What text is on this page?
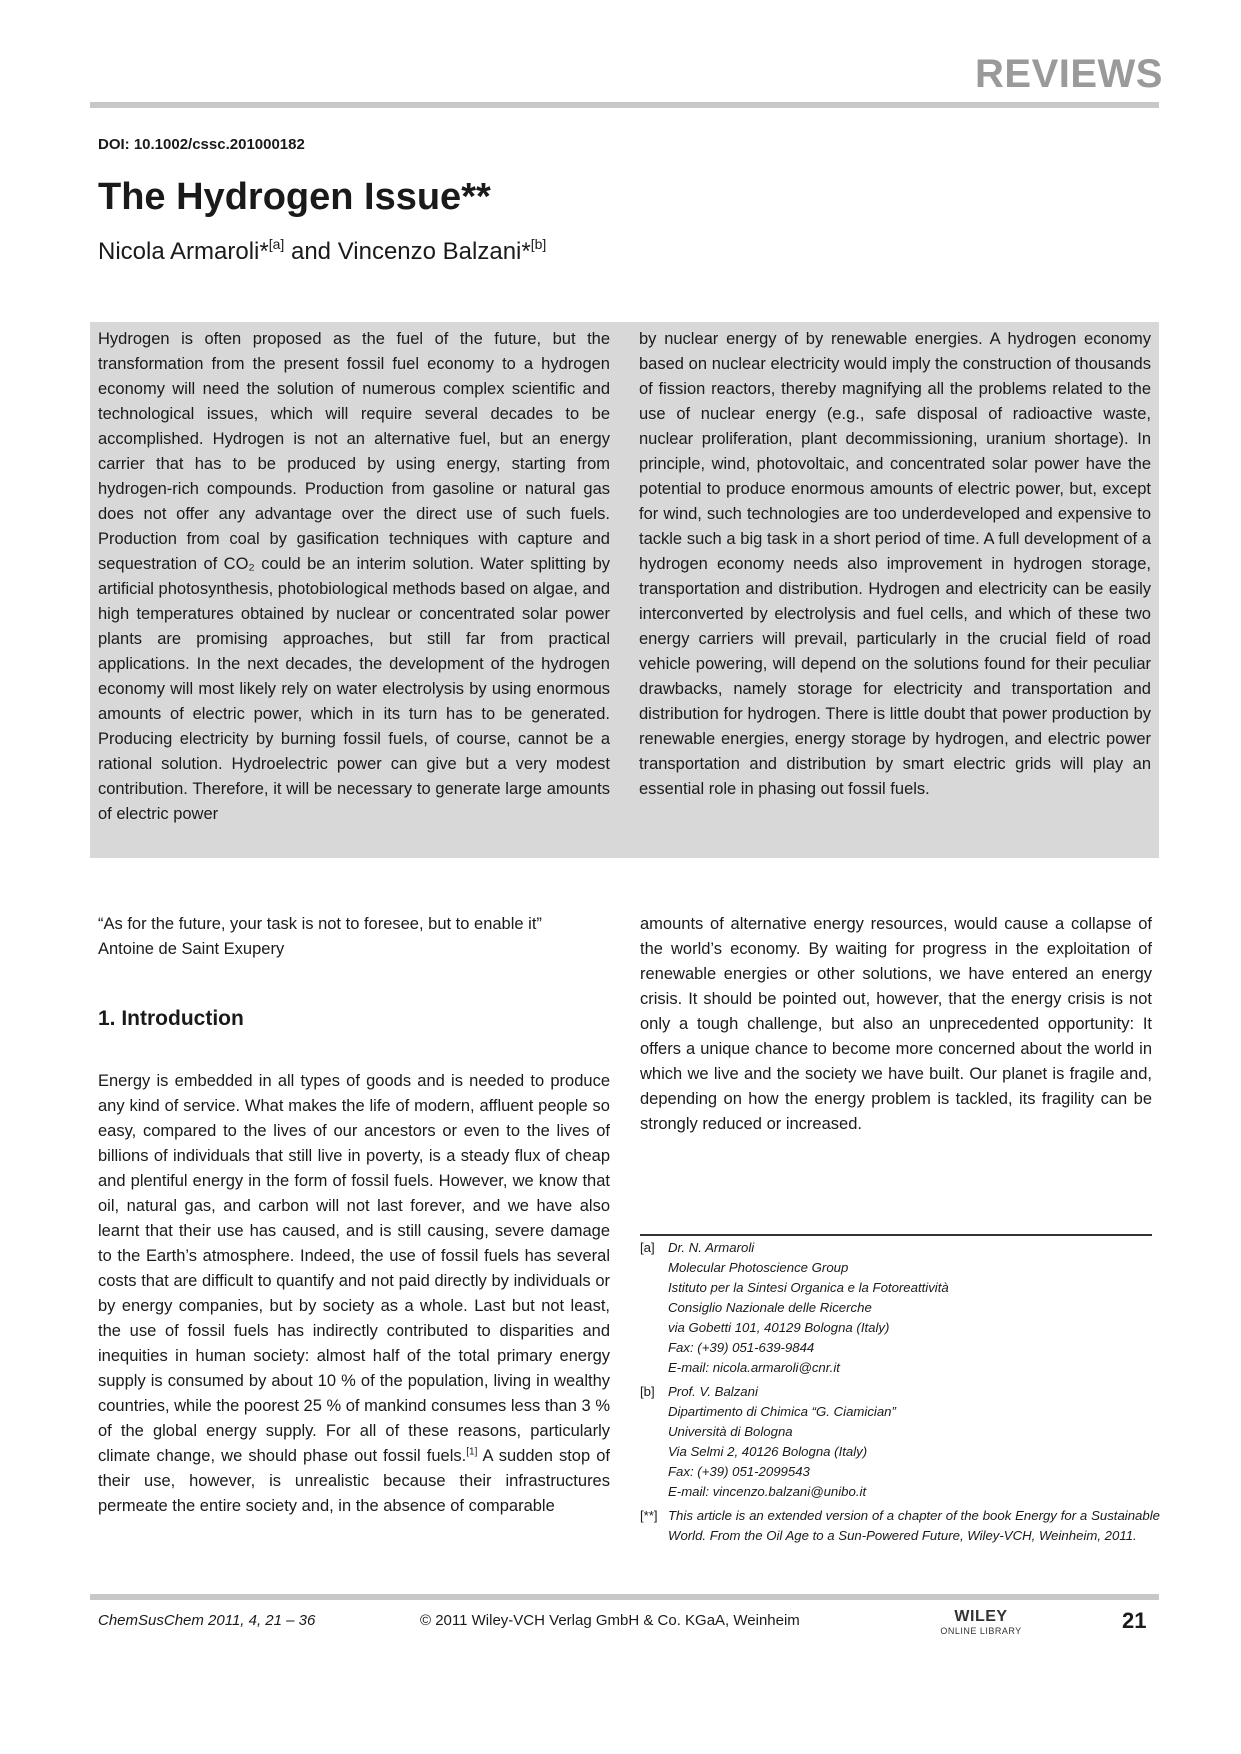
REVIEWS
DOI: 10.1002/cssc.201000182
The Hydrogen Issue**
Nicola Armaroli*[a] and Vincenzo Balzani*[b]

Hydrogen is often proposed as the fuel of the future, but the transformation from the present fossil fuel economy to a hydrogen economy will need the solution of numerous complex scientific and technological issues, which will require several decades to be accomplished. Hydrogen is not an alternative fuel, but an energy carrier that has to be produced by using energy, starting from hydrogen-rich compounds. Production from gasoline or natural gas does not offer any advantage over the direct use of such fuels. Production from coal by gasification techniques with capture and sequestration of CO₂ could be an interim solution. Water splitting by artificial photosynthesis, photobiological methods based on algae, and high temperatures obtained by nuclear or concentrated solar power plants are promising approaches, but still far from practical applications. In the next decades, the development of the hydrogen economy will most likely rely on water electrolysis by using enormous amounts of electric power, which in its turn has to be generated. Producing electricity by burning fossil fuels, of course, cannot be a rational solution. Hydroelectric power can give but a very modest contribution. Therefore, it will be necessary to generate large amounts of electric power

by nuclear energy of by renewable energies. A hydrogen economy based on nuclear electricity would imply the construction of thousands of fission reactors, thereby magnifying all the problems related to the use of nuclear energy (e.g., safe disposal of radioactive waste, nuclear proliferation, plant decommissioning, uranium shortage). In principle, wind, photovoltaic, and concentrated solar power have the potential to produce enormous amounts of electric power, but, except for wind, such technologies are too underdeveloped and expensive to tackle such a big task in a short period of time. A full development of a hydrogen economy needs also improvement in hydrogen storage, transportation and distribution. Hydrogen and electricity can be easily interconverted by electrolysis and fuel cells, and which of these two energy carriers will prevail, particularly in the crucial field of road vehicle powering, will depend on the solutions found for their peculiar drawbacks, namely storage for electricity and transportation and distribution for hydrogen. There is little doubt that power production by renewable energies, energy storage by hydrogen, and electric power transportation and distribution by smart electric grids will play an essential role in phasing out fossil fuels.

“As for the future, your task is not to foresee, but to enable it”

Antoine de Saint Exupery

1. Introduction

Energy is embedded in all types of goods and is needed to produce any kind of service. What makes the life of modern, affluent people so easy, compared to the lives of our ancestors or even to the lives of billions of individuals that still live in poverty, is a steady flux of cheap and plentiful energy in the form of fossil fuels. However, we know that oil, natural gas, and carbon will not last forever, and we have also learnt that their use has caused, and is still causing, severe damage to the Earth’s atmosphere. Indeed, the use of fossil fuels has several costs that are difficult to quantify and not paid directly by individuals or by energy companies, but by society as a whole. Last but not least, the use of fossil fuels has indirectly contributed to disparities and inequities in human society: almost half of the total primary energy supply is consumed by about 10 % of the population, living in wealthy countries, while the poorest 25 % of mankind consumes less than 3 % of the global energy supply. For all of these reasons, particularly climate change, we should phase out fossil fuels.[1] A sudden stop of their use, however, is unrealistic because their infrastructures permeate the entire society and, in the absence of comparable

amounts of alternative energy resources, would cause a collapse of the world’s economy. By waiting for progress in the exploitation of renewable energies or other solutions, we have entered an energy crisis. It should be pointed out, however, that the energy crisis is not only a tough challenge, but also an unprecedented opportunity: It offers a unique chance to become more concerned about the world in which we live and the society we have built. Our planet is fragile and, depending on how the energy problem is tackled, its fragility can be strongly reduced or increased.

[a]	Dr. N. Armaroli
Molecular Photoscience Group
Istituto per la Sintesi Organica e la Fotoreattività
Consiglio Nazionale delle Ricerche
via Gobetti 101, 40129 Bologna (Italy)
Fax: (+39) 051-639-9844
E-mail: nicola.armaroli@cnr.it
[b]	Prof. V. Balzani
Dipartimento di Chimica “G. Ciamician”
Università di Bologna
Via Selmi 2, 40126 Bologna (Italy)
Fax: (+39) 051-2099543
E-mail: vincenzo.balzani@unibo.it
[**] This article is an extended version of a chapter of the book Energy for a Sustainable World. From the Oil Age to a Sun-Powered Future, Wiley-VCH, Weinheim, 2011.
ChemSusChem 2011, 4, 21 – 36	© 2011 Wiley-VCH Verlag GmbH & Co. KGaA, Weinheim	WILEY
ONLINE LIBRARY	21
